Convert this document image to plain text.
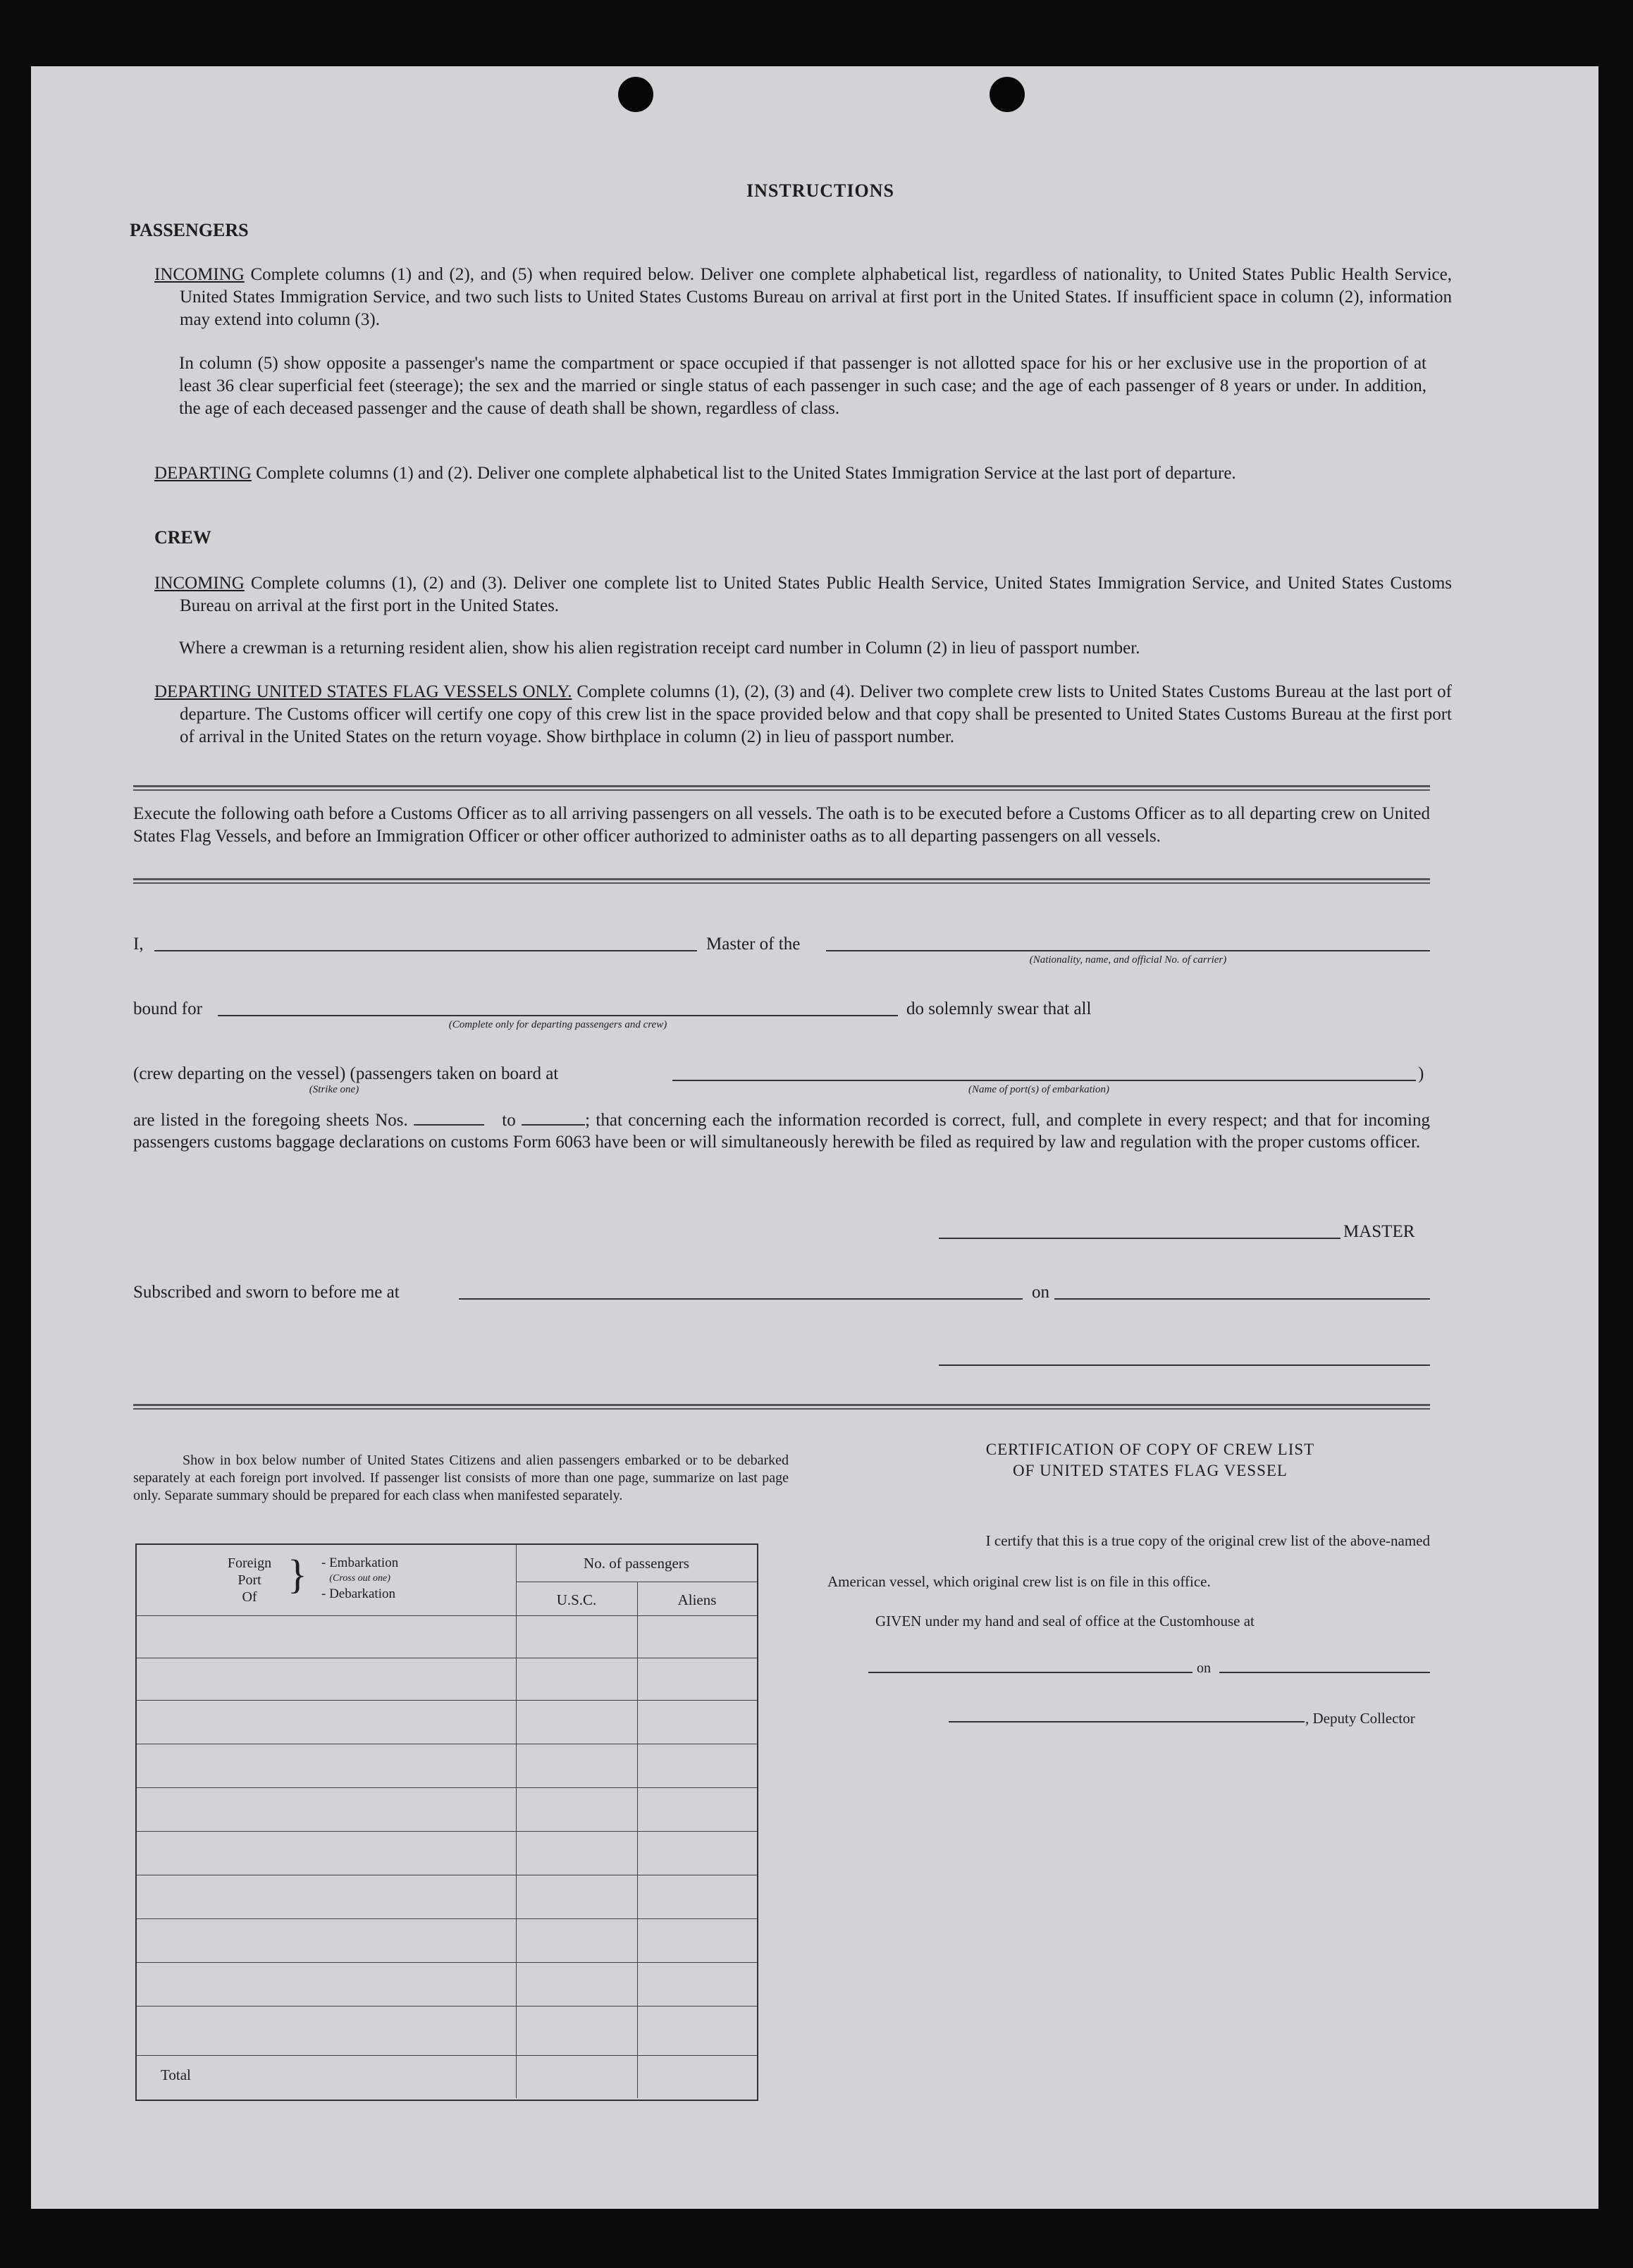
INSTRUCTIONS
PASSENGERS
INCOMING Complete columns (1) and (2), and (5) when required below. Deliver one complete alphabetical list, regardless of nationality, to United States Public Health Service, United States Immigration Service, and two such lists to United States Customs Bureau on arrival at first port in the United States. If insufficient space in column (2), information may extend into column (3).
In column (5) show opposite a passenger's name the compartment or space occupied if that passenger is not allotted space for his or her exclusive use in the proportion of at least 36 clear superficial feet (steerage); the sex and the married or single status of each passenger in such case; and the age of each passenger of 8 years or under. In addition, the age of each deceased passenger and the cause of death shall be shown, regardless of class.
DEPARTING Complete columns (1) and (2). Deliver one complete alphabetical list to the United States Immigration Service at the last port of departure.
CREW
INCOMING Complete columns (1), (2) and (3). Deliver one complete list to United States Public Health Service, United States Immigration Service, and United States Customs Bureau on arrival at the first port in the United States.
Where a crewman is a returning resident alien, show his alien registration receipt card number in Column (2) in lieu of passport number.
DEPARTING UNITED STATES FLAG VESSELS ONLY. Complete columns (1), (2), (3) and (4). Deliver two complete crew lists to United States Customs Bureau at the last port of departure. The Customs officer will certify one copy of this crew list in the space provided below and that copy shall be presented to United States Customs Bureau at the first port of arrival in the United States on the return voyage. Show birthplace in column (2) in lieu of passport number.
Execute the following oath before a Customs Officer as to all arriving passengers on all vessels. The oath is to be executed before a Customs Officer as to all departing crew on United States Flag Vessels, and before an Immigration Officer or other officer authorized to administer oaths as to all departing passengers on all vessels.
I,	Master of the
(Nationality, name, and official No. of carrier)
bound for
(Complete only for departing passengers and crew)
do solemnly swear that all
(crew departing on the vessel) (passengers taken on board at	)
(Strike one)	(Name of port(s) of embarkation)
are listed in the foregoing sheets Nos.	to	; that concerning each the information recorded is correct, full, and complete in every respect; and that for incoming passengers customs baggage declarations on customs Form 6063 have been or will simultaneously herewith be filed as required by law and regulation with the proper customs officer.
MASTER
Subscribed and sworn to before me at	on
Show in box below number of United States Citizens and alien passengers embarked or to be debarked separately at each foreign port involved. If passenger list consists of more than one page, summarize on last page only. Separate summary should be prepared for each class when manifested separately.
Foreign
Port
Of } - Embarkation
(Cross out one)
- Debarkation
No. of passengers
U.S.C.	Aliens
Total
CERTIFICATION OF COPY OF CREW LIST
OF UNITED STATES FLAG VESSEL
I certify that this is a true copy of the original crew list of the above-named
American vessel, which original crew list is on file in this office.
GIVEN under my hand and seal of office at the Customhouse at
on
, Deputy Collector
